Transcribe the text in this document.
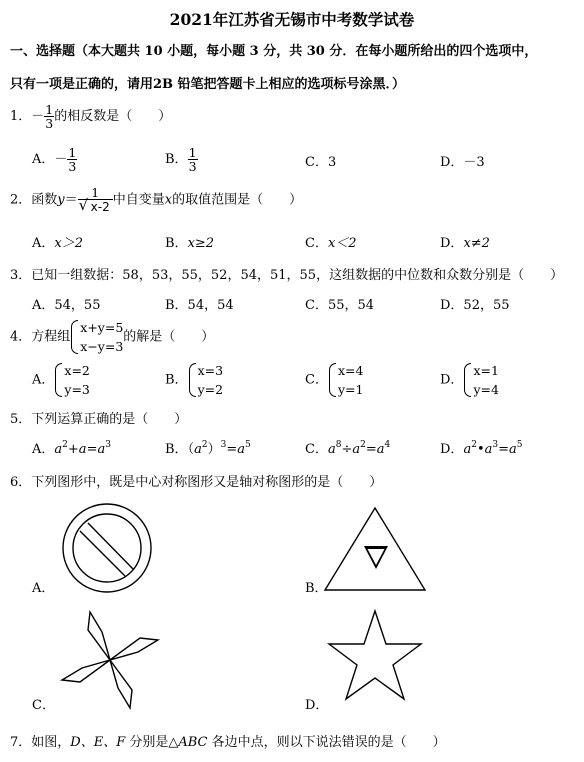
2021年江苏省无锡市中考数学试卷
一、选择题（本大题共 10 小题，每小题 3 分，共 30 分．在每小题所给出的四个选项中，
只有一项是正确的，请用2B 铅笔把答题卡上相应的选项标号涂黑．）
1．－ $\frac{1}{3}$ 的相反数是（　　）
A．－ $\frac{1}{3}$	B． $\frac{1}{3}$	C．3	D．－3
2．函数$y= \frac{1}{√ x-2}$ 中自变量x的取值范围是（　　）
A．x＞2	B．x≥2	C．x＜2	D．x≠2
3．已知一组数据：58，53，55，52，54，51，55，这组数据的中位数和众数分别是（　　）
A．54，55	B．54，54	C．55，54	D．52，55
4．方程组
x+y=5
x−y=3
的解是（　　）
A．
x=2
y=3
B．
x=3
y=2
C．
x=4
y=1
D．
x=1
y=4
5．下列运算正确的是（　　）
A．$a^2+a=a^3$	B．$(a^2)^3=a^5$	C．$a^8\div a^2=a^4$	D．$a^2•a^3=a^5$
6．下列图形中，既是中心对称图形又是轴对称图形的是（　　）
A．	B．
C．	D．
7．如图，D、E、F 分别是△ABC 各边中点，则以下说法错误的是（　　）
